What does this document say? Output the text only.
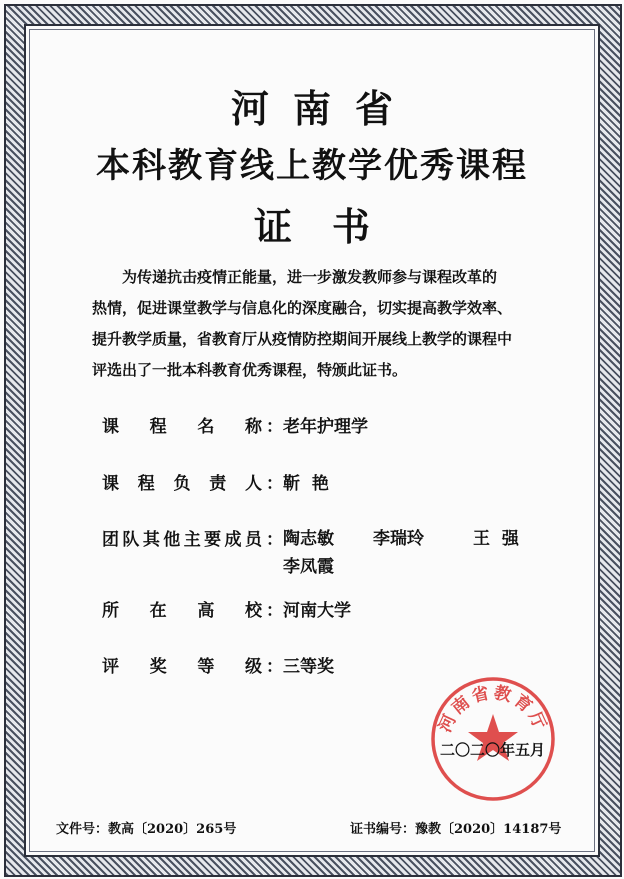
河南省
本科教育线上教学优秀课程
证书
为传递抗击疫情正能量，进一步激发教师参与课程改革的
热情，促进课堂教学与信息化的深度融合，切实提高教学效率、
提升教学质量，省教育厅从疫情防控期间开展线上教学的课程中
评选出了一批本科教育优秀课程，特颁此证书。
课 程 名 称 ： 老年护理学
课 程 负 责 人 ： 靳  艳
团 队 其 他 主 要 成 员 ： 陶志敏	李瑞玲	王  强
李凤霞
所 在 高 校 ： 河南大学
评 奖 等 级 ： 三等奖
河南省教育厅
二〇二〇年五月
文件号：教高〔2020〕265号	证书编号：豫教〔2020〕14187号
